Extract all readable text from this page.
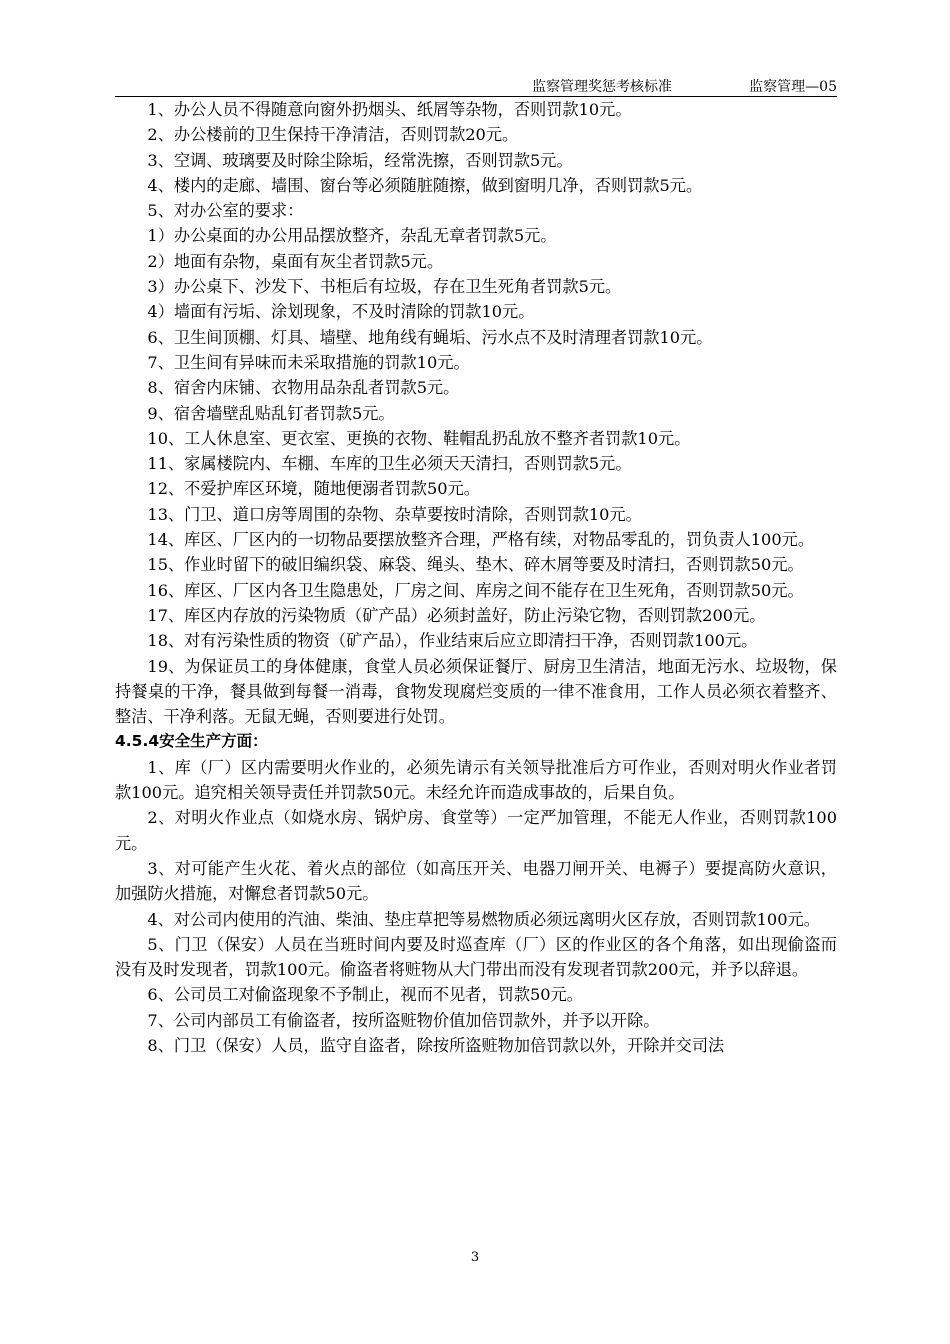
监察管理奖惩考核标准	监察管理—05

1、办公人员不得随意向窗外扔烟头、纸屑等杂物，否则罚款10元。

2、办公楼前的卫生保持干净清洁，否则罚款20元。

3、空调、玻璃要及时除尘除垢，经常洗擦，否则罚款5元。

4、楼内的走廊、墙围、窗台等必须随脏随擦，做到窗明几净，否则罚款5元。

5、对办公室的要求：

1）办公桌面的办公用品摆放整齐，杂乱无章者罚款5元。

2）地面有杂物，桌面有灰尘者罚款5元。

3）办公桌下、沙发下、书柜后有垃圾，存在卫生死角者罚款5元。

4）墙面有污垢、涂划现象，不及时清除的罚款10元。

6、卫生间顶棚、灯具、墙壁、地角线有蝇垢、污水点不及时清理者罚款10元。

7、卫生间有异味而未采取措施的罚款10元。

8、宿舍内床铺、衣物用品杂乱者罚款5元。

9、宿舍墙壁乱贴乱钉者罚款5元。

10、工人休息室、更衣室、更换的衣物、鞋帽乱扔乱放不整齐者罚款10元。

11、家属楼院内、车棚、车库的卫生必须天天清扫，否则罚款5元。

12、不爱护库区环境，随地便溺者罚款50元。

13、门卫、道口房等周围的杂物、杂草要按时清除，否则罚款10元。

14、库区、厂区内的一切物品要摆放整齐合理，严格有续，对物品零乱的，罚负责人100元。

15、作业时留下的破旧编织袋、麻袋、绳头、垫木、碎木屑等要及时清扫，否则罚款50元。

16、库区、厂区内各卫生隐患处，厂房之间、库房之间不能存在卫生死角，否则罚款50元。

17、库区内存放的污染物质（矿产品）必须封盖好，防止污染它物，否则罚款200元。

18、对有污染性质的物资（矿产品），作业结束后应立即清扫干净，否则罚款100元。

19、为保证员工的身体健康，食堂人员必须保证餐厅、厨房卫生清洁，地面无污水、垃圾物，保持餐桌的干净，餐具做到每餐一消毒，食物发现腐烂变质的一律不准食用，工作人员必须衣着整齐、整洁、干净利落。无鼠无蝇，否则要进行处罚。

4.5.4安全生产方面：

1、库（厂）区内需要明火作业的，必须先请示有关领导批准后方可作业，否则对明火作业者罚款100元。追究相关领导责任并罚款50元。未经允许而造成事故的，后果自负。

2、对明火作业点（如烧水房、锅炉房、食堂等）一定严加管理，不能无人作业，否则罚款100元。

3、对可能产生火花、着火点的部位（如高压开关、电器刀闸开关、电褥子）要提高防火意识，加强防火措施，对懈怠者罚款50元。

4、对公司内使用的汽油、柴油、垫庄草把等易燃物质必须远离明火区存放，否则罚款100元。

5、门卫（保安）人员在当班时间内要及时巡查库（厂）区的作业区的各个角落，如出现偷盗而没有及时发现者，罚款100元。偷盗者将赃物从大门带出而没有发现者罚款200元，并予以辞退。

6、公司员工对偷盗现象不予制止，视而不见者，罚款50元。

7、公司内部员工有偷盗者，按所盗赃物价值加倍罚款外，并予以开除。

8、门卫（保安）人员，监守自盗者，除按所盗赃物加倍罚款以外，开除并交司法

3
